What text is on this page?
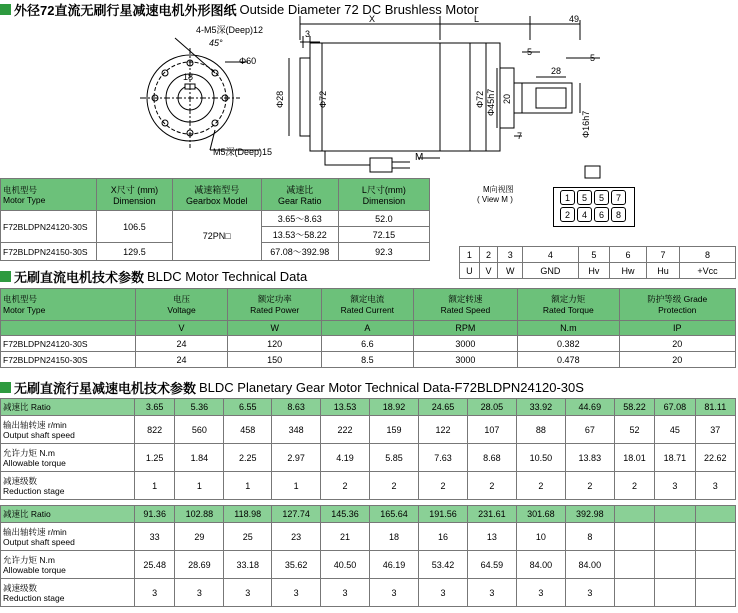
外径72直流无刷行星减速电机外形图纸 Outside Diameter 72 DC Brushless Motor
4-M5深(Deep)12
45°
Φ60
18
M5深(Deep)15
X	L	49
3
5
28
5
7
M
M向视图
( View M )
Φ28	Φ72	Φ72 Φ45h7 20
Φ16h7
1	5	5	7
2	4	6	8
1	2	3	4	5	6	7	8
U	V	W	GND	Hv	Hw	Hu	+Vcc
电机型号
Motor Type	X尺寸 (mm)
Dimension	减速箱型号
Gearbox Model	减速比
Gear Ratio	L尺寸(mm)
Dimension
F72BLDPN24120-30S	106.5	72PN□	3.65～8.63	52.0
			13.53～58.22	72.15
F72BLDPN24150-30S	129.5		67.08～392.98	92.3
无刷直流电机技术参数 BLDC Motor Technical Data
电机型号
Motor Type	电压
Voltage	额定功率
Rated Power	额定电流
Rated Current	额定转速
Rated Speed	额定力矩
Rated Torque	防护等级 Grade
Protection
	V	W	A	RPM	N.m	IP
F72BLDPN24120-30S	24	120	6.6	3000	0.382	20
F72BLDPN24150-30S	24	150	8.5	3000	0.478	20
无刷直流行星减速电机技术参数 BLDC Planetary Gear Motor Technical Data-F72BLDPN24120-30S
减速比 Ratio	3.65	5.36	6.55	8.63	13.53	18.92	24.65	28.05	33.92	44.69	58.22	67.08	81.11
输出轴转速 r/min
Output shaft speed	822	560	458	348	222	159	122	107	88	67	52	45	37
允许力矩 N.m
Allowable torque	1.25	1.84	2.25	2.97	4.19	5.85	7.63	8.68	10.50	13.83	18.01	18.71	22.62
减速级数
Reduction stage	1	1	1	1	2	2	2	2	2	2	2	3	3

减速比 Ratio	91.36	102.88	118.98	127.74	145.36	165.64	191.56	231.61	301.68	392.98			
输出轴转速 r/min
Output shaft speed	33	29	25	23	21	18	16	13	10	8			
允许力矩 N.m
Allowable torque	25.48	28.69	33.18	35.62	40.50	46.19	53.42	64.59	84.00	84.00			
减速级数
Reduction stage	3	3	3	3	3	3	3	3	3	3			
